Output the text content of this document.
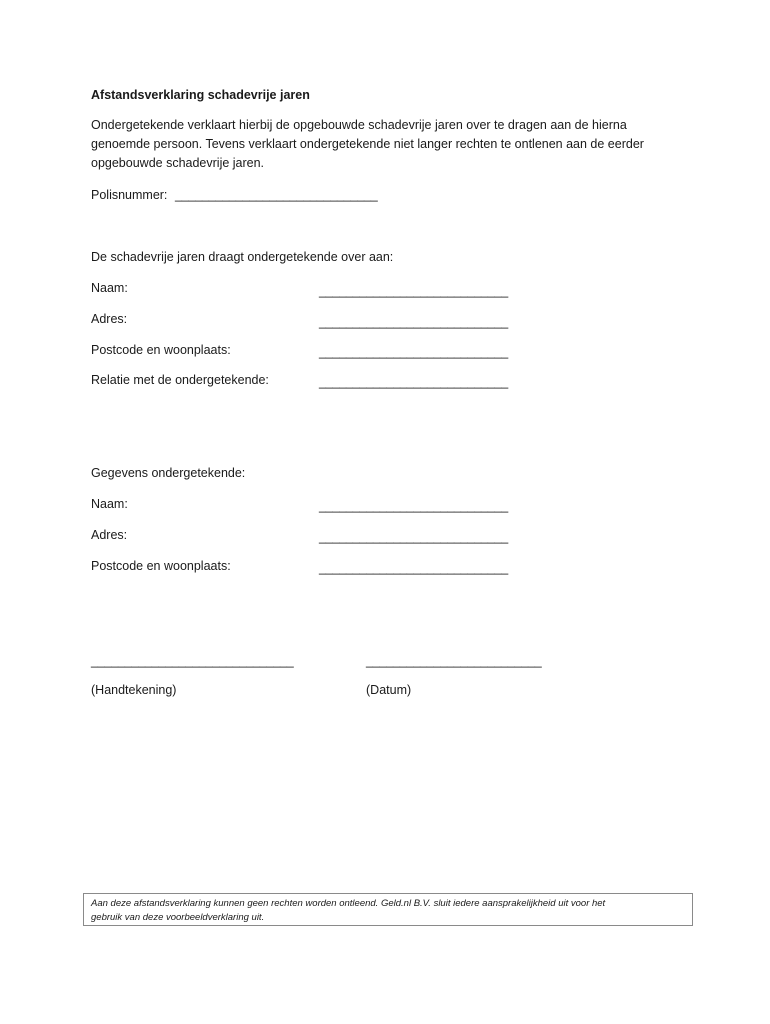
Afstandsverklaring schadevrije jaren
Ondergetekende verklaart hierbij de opgebouwde schadevrije jaren over te dragen aan de hierna
genoemde persoon. Tevens verklaart ondergetekende niet langer rechten te ontlenen aan de eerder
opgebouwde schadevrije jaren.
Polisnummer: ______________________________

De schadevrije jaren draagt ondergetekende over aan:

Naam:	____________________________
Adres:	____________________________
Postcode en woonplaats:	____________________________
Relatie met de ondergetekende:	____________________________

Gegevens ondergetekende:

Naam:	____________________________
Adres:	____________________________
Postcode en woonplaats:	____________________________
______________________________	__________________________
(Handtekening)	(Datum)
Aan deze afstandsverklaring kunnen geen rechten worden ontleend. Geld.nl B.V. sluit iedere aansprakelijkheid uit voor het
gebruik van deze voorbeeldverklaring uit.
